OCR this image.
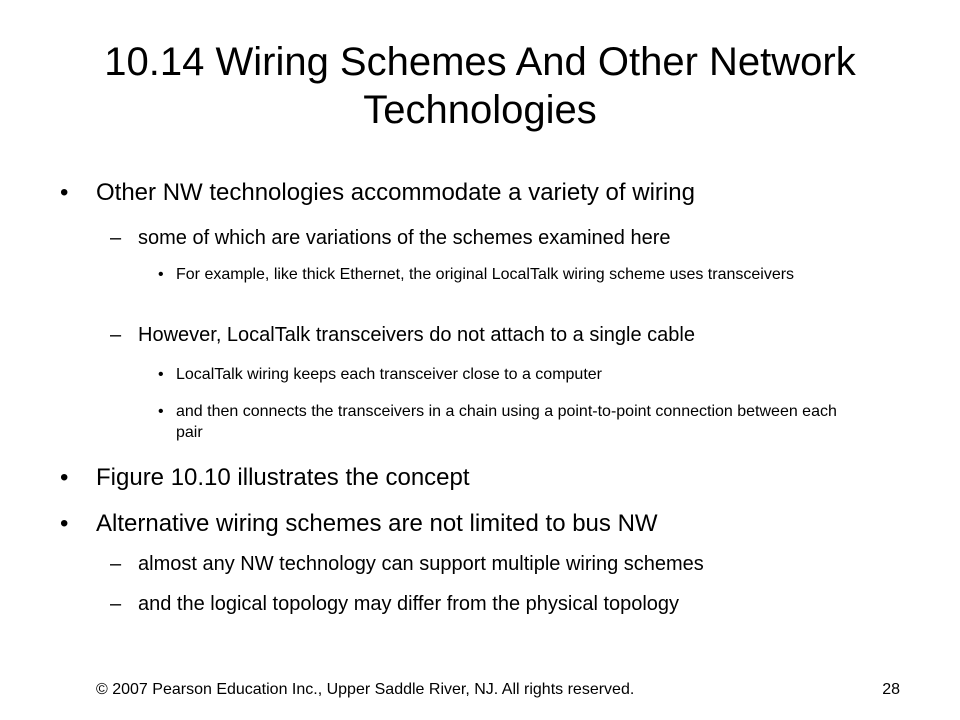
10.14 Wiring Schemes And Other Network Technologies
•	Other NW technologies accommodate a variety of wiring
– some of which are variations of the schemes examined here
• For example, like thick Ethernet, the original LocalTalk wiring scheme uses transceivers
– However, LocalTalk transceivers do not attach to a single cable
• LocalTalk wiring keeps each transceiver close to a computer
• and then connects the transceivers in a chain using a point-to-point connection between each pair
•	Figure 10.10 illustrates the concept
•	Alternative wiring schemes are not limited to bus NW
– almost any NW technology can support multiple wiring schemes
– and the logical topology may differ from the physical topology
© 2007 Pearson Education Inc., Upper Saddle River, NJ. All rights reserved.	28
